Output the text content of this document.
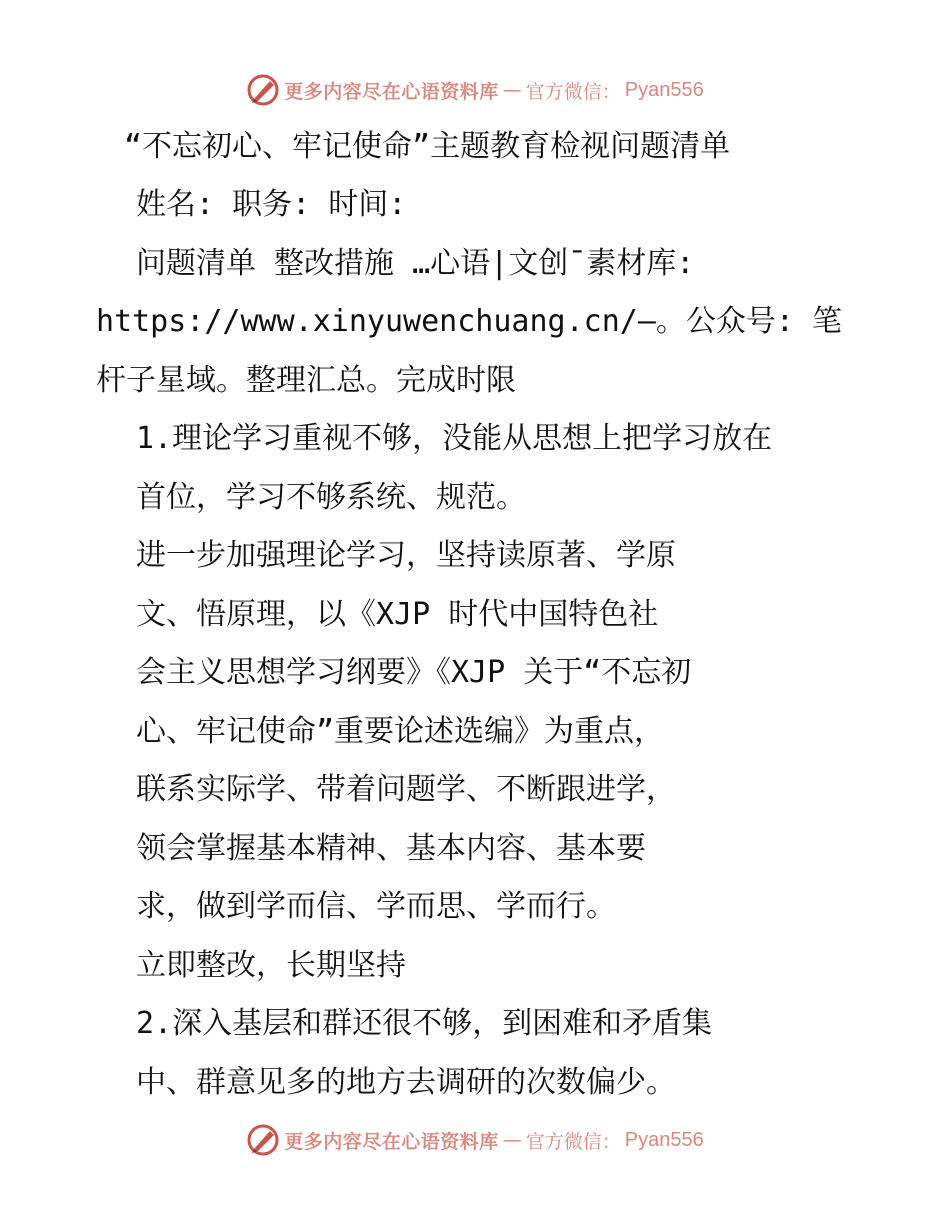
更多内容尽在心语资料库 — 官方微信： Pyan556
“不忘初心、牢记使命”主题教育检视问题清单
姓名: 职务: 时间:
问题清单 整改措施 …心语|文创¯素材库:
https://www.xinyuwenchuang.cn/—。公众号: 笔
杆子星域。整理汇总。完成时限
1.理论学习重视不够，没能从思想上把学习放在
首位，学习不够系统、规范。
进一步加强理论学习，坚持读原著、学原
文、悟原理，以《XJP 时代中国特色社
会主义思想学习纲要》《XJP 关于“不忘初
心、牢记使命”重要论述选编》为重点，
联系实际学、带着问题学、不断跟进学，
领会掌握基本精神、基本内容、基本要
求，做到学而信、学而思、学而行。
立即整改，长期坚持
2.深入基层和群还很不够，到困难和矛盾集
中、群意见多的地方去调研的次数偏少。
更多内容尽在心语资料库 — 官方微信： Pyan556
